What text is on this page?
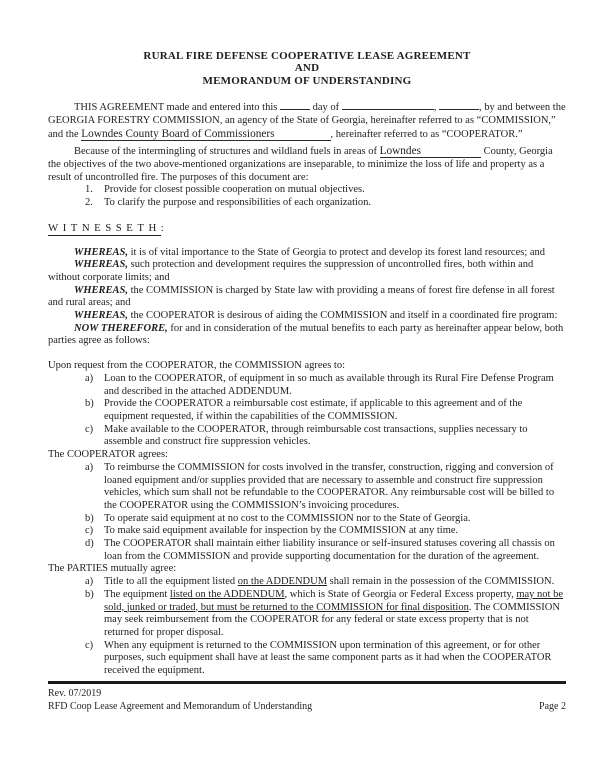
RURAL FIRE DEFENSE COOPERATIVE LEASE AGREEMENT
AND
MEMORANDUM OF UNDERSTANDING

THIS AGREEMENT made and entered into this	day of	,	, by and between the GEORGIA FORESTRY COMMISSION, an agency of the State of Georgia, hereinafter referred to as “COMMISSION,” and the Lowndes County Board of Commissioners	, hereinafter referred to as “COOPERATOR.”

Because of the intermingling of structures and wildland fuels in areas of Lowndes	County, Georgia the objectives of the two above-mentioned organizations are inseparable, to minimize the loss of life and property as a result of uncontrolled fire. The purposes of this document are:

1.	Provide for closest possible cooperation on mutual objectives.
2.	To clarify the purpose and responsibilities of each organization.
WITNESSETH:

WHEREAS, it is of vital importance to the State of Georgia to protect and develop its forest land resources; and

WHEREAS, such protection and development requires the suppression of uncontrolled fires, both within and without corporate limits; and

WHEREAS, the COMMISSION is charged by State law with providing a means of forest fire defense in all forest and rural areas; and

WHEREAS, the COOPERATOR is desirous of aiding the COMMISSION and itself in a coordinated fire program:

NOW THEREFORE, for and in consideration of the mutual benefits to each party as hereinafter appear below, both parties agree as follows:

Upon request from the COOPERATOR, the COMMISSION agrees to:

a)	Loan to the COOPERATOR, of equipment in so much as available through its Rural Fire Defense Program and described in the attached ADDENDUM.
b) Provide the COOPERATOR a reimbursable cost estimate, if applicable to this agreement and of the equipment requested, if within the capabilities of the COMMISSION.
c)	Make available to the COOPERATOR, through reimbursable cost transactions, supplies necessary to assemble and construct fire suppression vehicles.

The COOPERATOR agrees:

a)	To reimburse the COMMISSION for costs involved in the transfer, construction, rigging and conversion of loaned equipment and/or supplies provided that are necessary to assemble and construct fire suppression vehicles, which sum shall not be refundable to the COOPERATOR. Any reimbursable cost will be billed to the COOPERATOR using the COMMISSION’s invoicing procedures.
b) To operate said equipment at no cost to the COMMISSION nor to the State of Georgia.
c)	To make said equipment available for inspection by the COMMISSION at any time.
d) The COOPERATOR shall maintain either liability insurance or self-insured statuses covering all chassis on loan from the COMMISSION and provide supporting documentation for the duration of the agreement.

The PARTIES mutually agree:

a)	Title to all the equipment listed on the ADDENDUM shall remain in the possession of the COMMISSION.
b) The equipment listed on the ADDENDUM, which is State of Georgia or Federal Excess property, may not be sold, junked or traded, but must be returned to the COMMISSION for final disposition. The COMMISSION may seek reimbursement from the COOPERATOR for any federal or state excess property that is not returned for proper disposal.
c)	When any equipment is returned to the COMMISSION upon termination of this agreement, or for other purposes, such equipment shall have at least the same component parts as it had when the COOPERATOR received the equipment.
Rev. 07/2019
RFD Coop Lease Agreement and Memorandum of Understanding	Page 2
